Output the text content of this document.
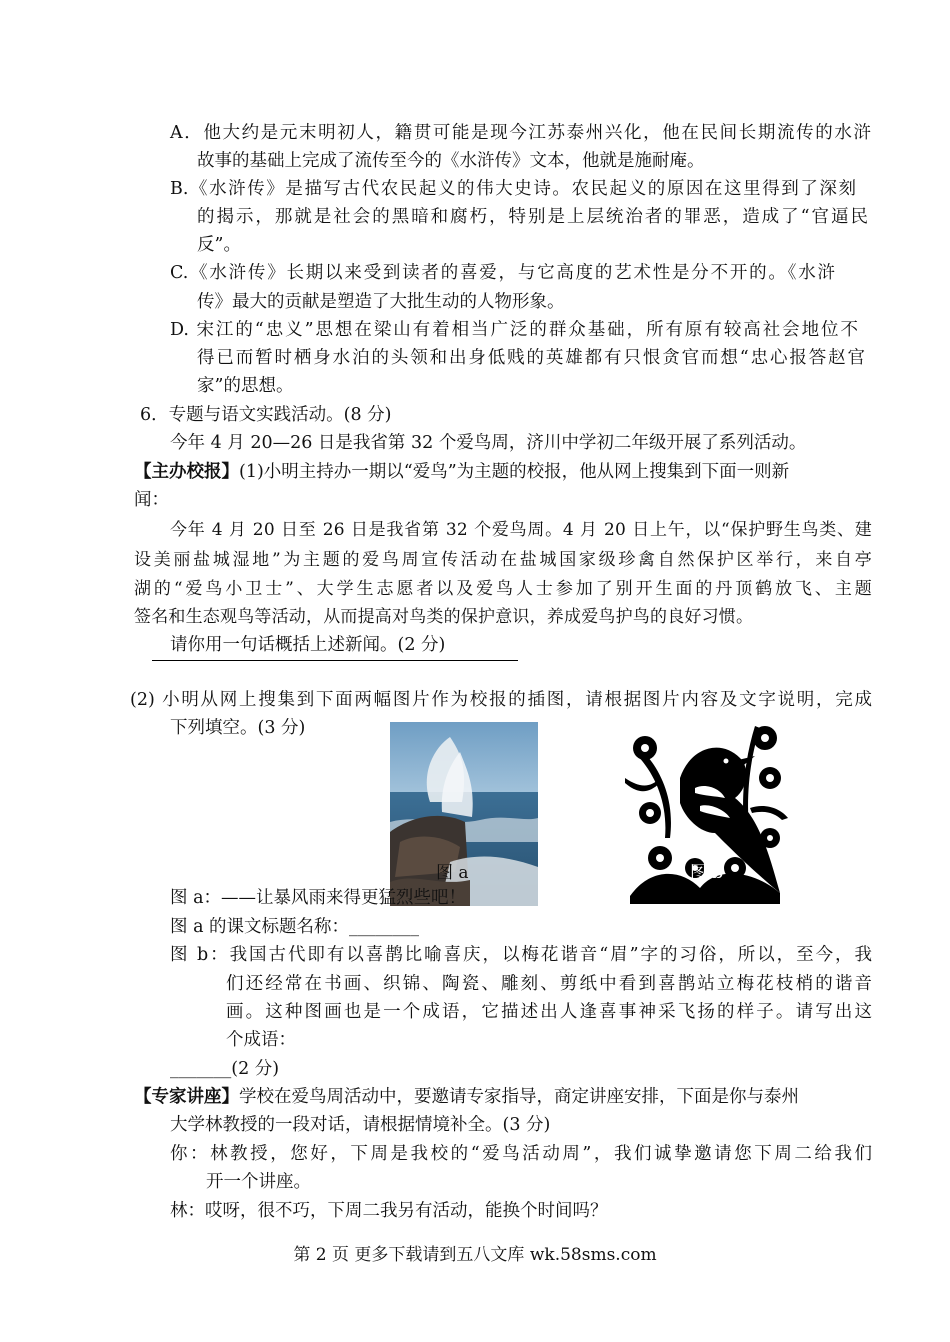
A．他大约是元末明初人，籍贯可能是现今江苏泰州兴化，他在民间长期流传的水浒
故事的基础上完成了流传至今的《水浒传》文本，他就是施耐庵。
B.《水浒传》是描写古代农民起义的伟大史诗。农民起义的原因在这里得到了深刻
的揭示，那就是社会的黑暗和腐朽，特别是上层统治者的罪恶，造成了“官逼民
反”。
C.《水浒传》长期以来受到读者的喜爱，与它高度的艺术性是分不开的。《水浒
传》最大的贡献是塑造了大批生动的人物形象。
D. 宋江的“忠义”思想在梁山有着相当广泛的群众基础，所有原有较高社会地位不
得已而暂时栖身水泊的头领和出身低贱的英雄都有只恨贪官而想“忠心报答赵官
家”的思想。
6．专题与语文实践活动。(8 分)
今年 4 月 20—26 日是我省第 32 个爱鸟周，济川中学初二年级开展了系列活动。
【主办校报】(1)小明主持办一期以“爱鸟”为主题的校报，他从网上搜集到下面一则新
闻：
今年 4 月 20 日至 26 日是我省第 32 个爱鸟周。4 月 20 日上午，以“保护野生鸟类、建
设美丽盐城湿地”为主题的爱鸟周宣传活动在盐城国家级珍禽自然保护区举行，来自亭
湖的“爱鸟小卫士”、大学生志愿者以及爱鸟人士参加了别开生面的丹顶鹤放飞、主题
签名和生态观鸟等活动，从而提高对鸟类的保护意识，养成爱鸟护鸟的良好习惯。
请你用一句话概括上述新闻。(2 分)
(2) 小明从网上搜集到下面两幅图片作为校报的插图，请根据图片内容及文字说明，完成
下列填空。(3 分)
图 a	图 b
图 a：——让暴风雨来得更猛烈些吧！
图 a 的课文标题名称：________
图 b：我国古代即有以喜鹊比喻喜庆，以梅花谐音“眉”字的习俗，所以，至今，我
们还经常在书画、织锦、陶瓷、雕刻、剪纸中看到喜鹊站立梅花枝梢的谐音
画。这种图画也是一个成语，它描述出人逢喜事神采飞扬的样子。请写出这
个成语：
_______(2 分)
【专家讲座】学校在爱鸟周活动中，要邀请专家指导，商定讲座安排，下面是你与泰州
大学林教授的一段对话，请根据情境补全。(3 分)
你：林教授，您好，下周是我校的“爱鸟活动周”，我们诚挚邀请您下周二给我们
开一个讲座。
林：哎呀，很不巧，下周二我另有活动，能换个时间吗？
第 2 页 更多下载请到五八文库 wk.58sms.com
